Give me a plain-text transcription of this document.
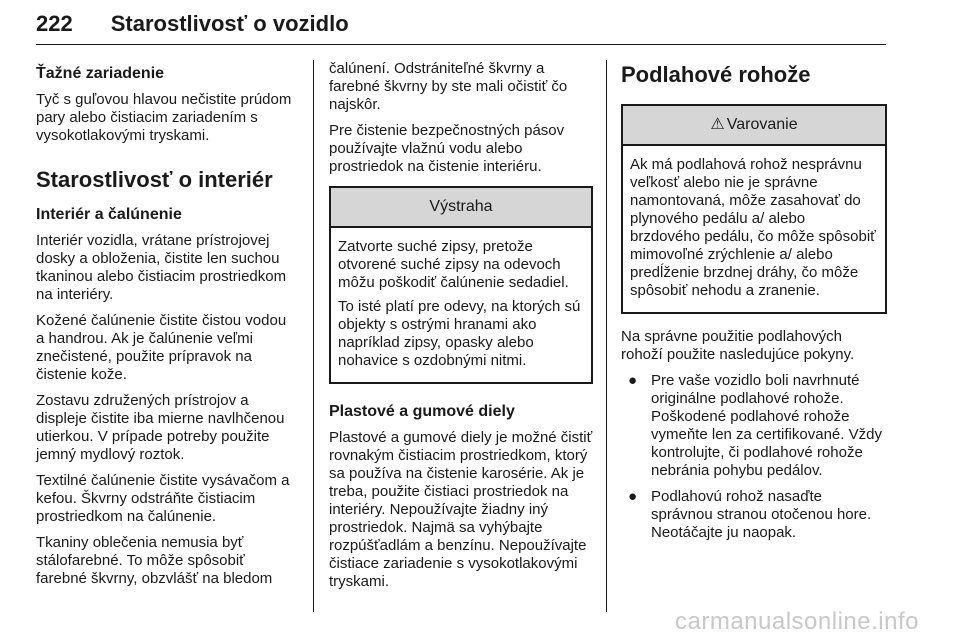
222 Starostlivosť o vozidlo
Ťažné zariadenie

Tyč s guľovou hlavou nečistite prúdom pary alebo čistiacim zariadením s vysokotlakovými tryskami.

Starostlivosť o interiér
Interiér a čalúnenie

Interiér vozidla, vrátane prístrojovej dosky a obloženia, čistite len suchou tkaninou alebo čistiacim prostriedkom na interiéry.

Kožené čalúnenie čistite čistou vodou a handrou. Ak je čalúnenie veľmi znečistené, použite prípravok na čistenie kože.

Zostavu združených prístrojov a displeje čistite iba mierne navlhčenou utierkou. V prípade potreby použite jemný mydlový roztok.

Textilné čalúnenie čistite vysávačom a kefou. Škvrny odstráňte čistiacim prostriedkom na čalúnenie.

Tkaniny oblečenia nemusia byť stálofarebné. To môže spôsobiť farebné škvrny, obzvlášť na bledom

čalúnení. Odstrániteľné škvrny a farebné škvrny by ste mali očistiť čo najskôr.

Pre čistenie bezpečnostných pásov používajte vlažnú vodu alebo prostriedok na čistenie interiéru.

Výstraha

Zatvorte suché zipsy, pretože otvorené suché zipsy na odevoch môžu poškodiť čalúnenie sedadiel.

To isté platí pre odevy, na ktorých sú objekty s ostrými hranami ako napríklad zipsy, opasky alebo nohavice s ozdobnými nitmi.

Plastové a gumové diely

Plastové a gumové diely je možné čistiť rovnakým čistiacim prostriedkom, ktorý sa používa na čistenie karosérie. Ak je treba, použite čistiaci prostriedok na interiéry. Nepoužívajte žiadny iný prostriedok. Najmä sa vyhýbajte rozpúšťadlám a benzínu. Nepoužívajte čistiace zariadenie s vysokotlakovými tryskami.

Podlahové rohože
⚠ Varovanie

Ak má podlahová rohož nesprávnu veľkosť alebo nie je správne namontovaná, môže zasahovať do plynového pedálu a/ alebo brzdového pedálu, čo môže spôsobiť mimovoľné zrýchlenie a/ alebo predĺženie brzdnej dráhy, čo môže spôsobiť nehodu a zranenie.

Na správne použitie podlahových rohoží použite nasledujúce pokyny.

● Pre vaše vozidlo boli navrhnuté originálne podlahové rohože. Poškodené podlahové rohože vymeňte len za certifikované. Vždy kontrolujte, či podlahové rohože nebránia pohybu pedálov.
● Podlahovú rohož nasaďte správnou stranou otočenou hore. Neotáčajte ju naopak.
carmanualsonline.info
